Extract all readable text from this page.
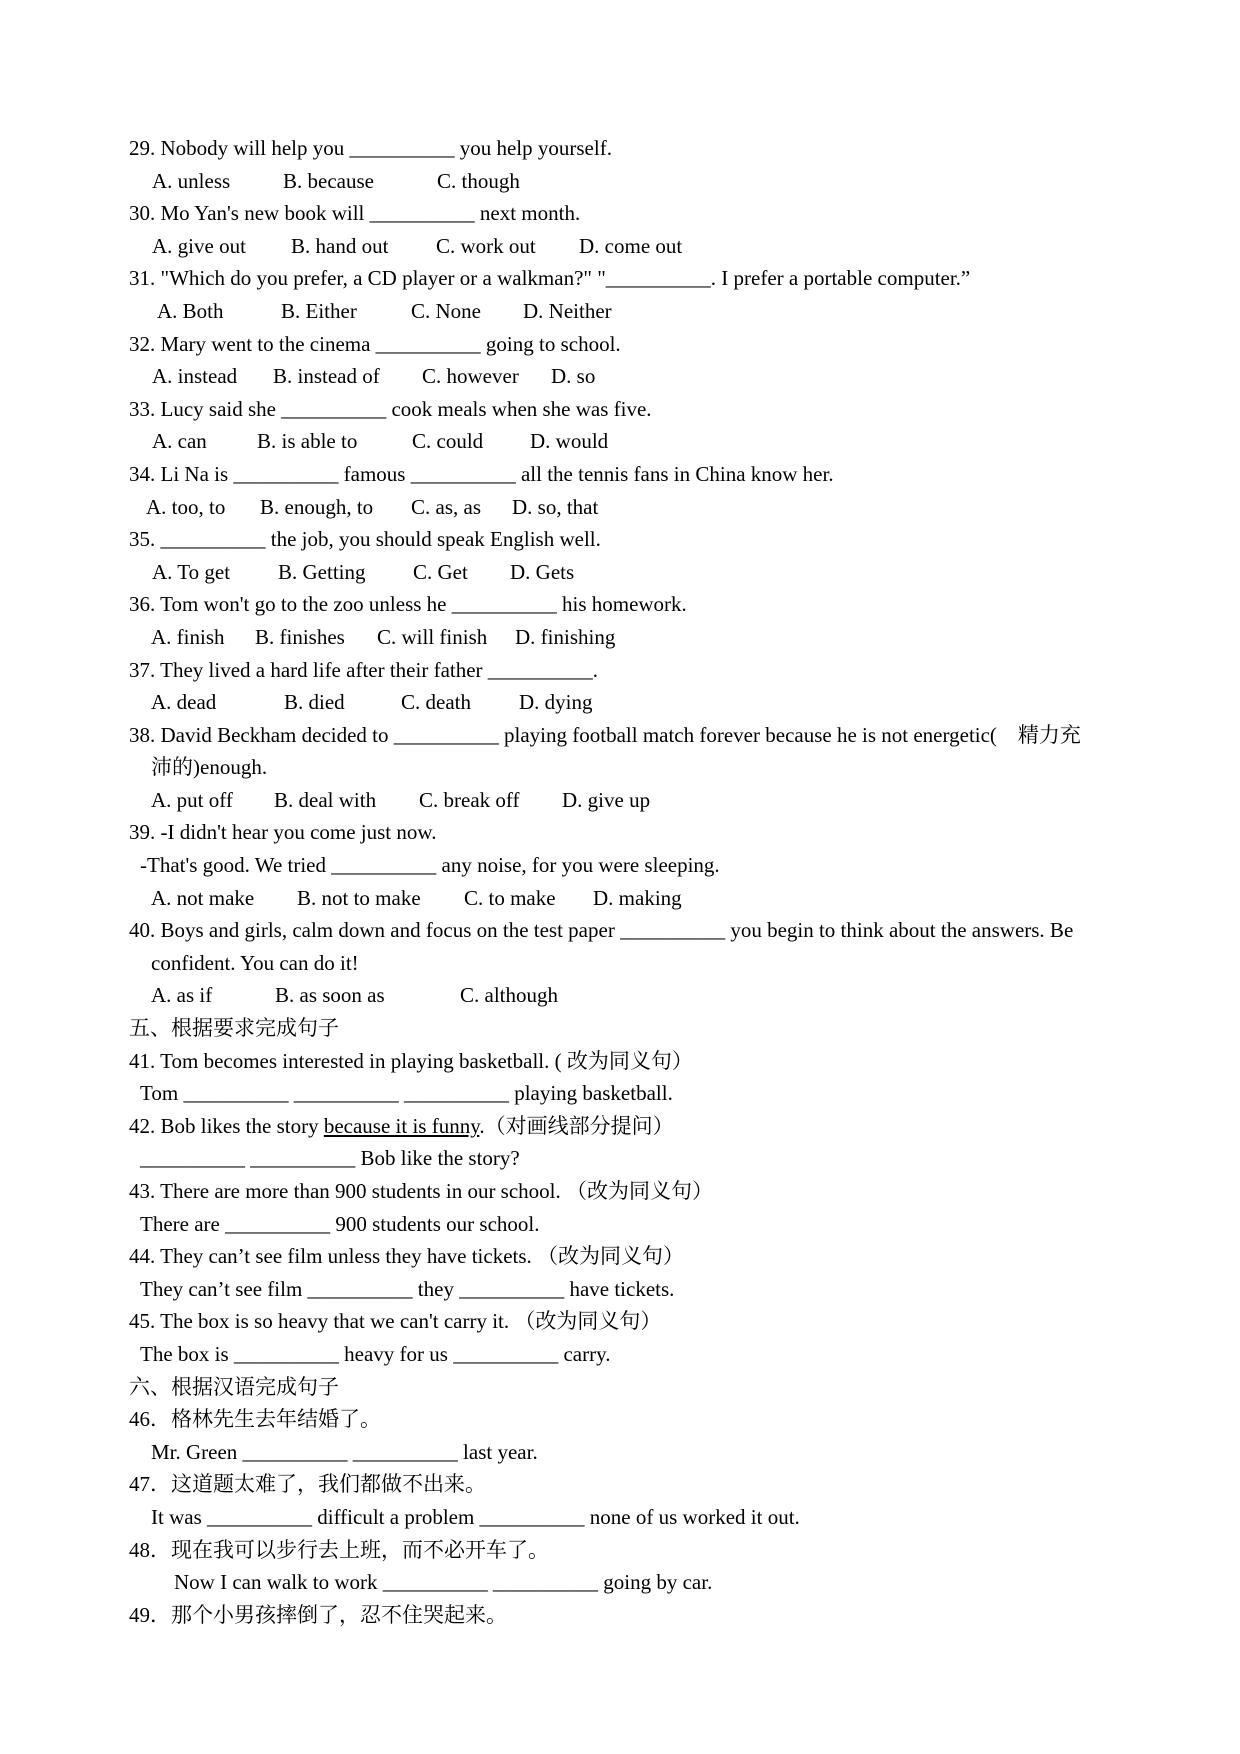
29. Nobody will help you __________ you help yourself.
A. unless	B. because	C. though
30. Mo Yan's new book will __________ next month.
A. give out B. hand out C. work out D. come out
31. "Which do you prefer, a CD player or a walkman?" "__________. I prefer a portable computer.”
A. Both	B. Either	C. None D. Neither
32. Mary went to the cinema __________ going to school.
A. instead B. instead of C. however D. so
33. Lucy said she __________ cook meals when she was five.
A. can B. is able to	C. could D. would
34. Li Na is __________ famous __________ all the tennis fans in China know her.
A. too, to B. enough, to C. as, as D. so, that
35. __________ the job, you should speak English well.
A. To get B. Getting C. Get D. Gets
36. Tom won't go to the zoo unless he __________ his homework.
A. finish B. finishes C. will finish D. finishing
37. They lived a hard life after their father __________.
A. dead	B. died	C. death D. dying
38. David Beckham decided to __________ playing football match forever because he is not energetic(　精力充
沛的)enough.
A. put off B. deal with C. break off D. give up
39. -I didn't hear you come just now.
-That's good. We tried __________ any noise, for you were sleeping.
A. not make B. not to make C. to make D. making
40. Boys and girls, calm down and focus on the test paper __________ you begin to think about the answers. Be
confident. You can do it!
A. as if	B. as soon as	C. although
五、根据要求完成句子
41. Tom becomes interested in playing basketball. ( 改为同义句）
Tom __________ __________ __________ playing basketball.
42. Bob likes the story because it is funny.（对画线部分提问）
__________ __________ Bob like the story?
43. There are more than 900 students in our school. （改为同义句）
There are __________ 900 students our school.
44. They can’t see film unless they have tickets. （改为同义句）
They can’t see film __________ they __________ have tickets.
45. The box is so heavy that we can't carry it. （改为同义句）
The box is __________ heavy for us __________ carry.
六、根据汉语完成句子
46．格林先生去年结婚了。
Mr. Green __________ __________ last year.
47．这道题太难了，我们都做不出来。
It was __________ difficult a problem __________ none of us worked it out.
48．现在我可以步行去上班，而不必开车了。
Now I can walk to work __________ __________ going by car.
49．那个小男孩摔倒了，忍不住哭起来。
